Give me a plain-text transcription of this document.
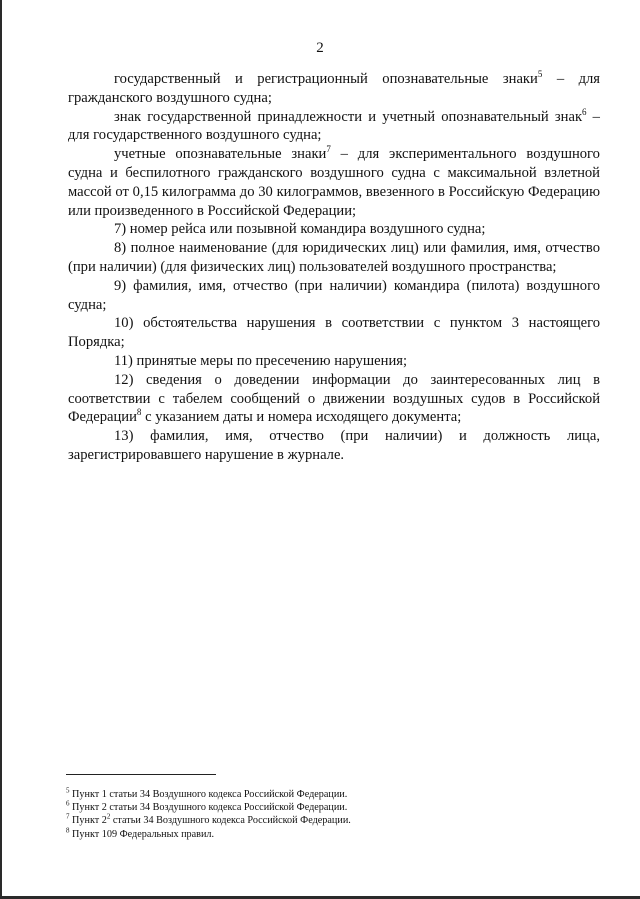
2

государственный и регистрационный опознавательные знаки$^5$ – для гражданского воздушного судна;

знак государственной принадлежности и учетный опознавательный знак$^6$ – для государственного воздушного судна;

учетные опознавательные знаки$^7$ – для экспериментального воздушного судна и беспилотного гражданского воздушного судна с максимальной взлетной массой от 0,15 килограмма до 30 килограммов, ввезенного в Российскую Федерацию или произведенного в Российской Федерации;

7) номер рейса или позывной командира воздушного судна;

8) полное наименование (для юридических лиц) или фамилия, имя, отчество (при наличии) (для физических лиц) пользователей воздушного пространства;

9) фамилия, имя, отчество (при наличии) командира (пилота) воздушного судна;

10) обстоятельства нарушения в соответствии с пунктом 3 настоящего Порядка;

11) принятые меры по пресечению нарушения;

12) сведения о доведении информации до заинтересованных лиц в соответствии с табелем сообщений о движении воздушных судов в Российской Федерации$^8$ с указанием даты и номера исходящего документа;

13) фамилия, имя, отчество (при наличии) и должность лица, зарегистрировавшего нарушение в журнале.

$^5$ Пункт 1 статьи 34 Воздушного кодекса Российской Федерации.

$^6$ Пункт 2 статьи 34 Воздушного кодекса Российской Федерации.

$^7$ Пункт $2^2$ статьи 34 Воздушного кодекса Российской Федерации.

$^8$ Пункт 109 Федеральных правил.
